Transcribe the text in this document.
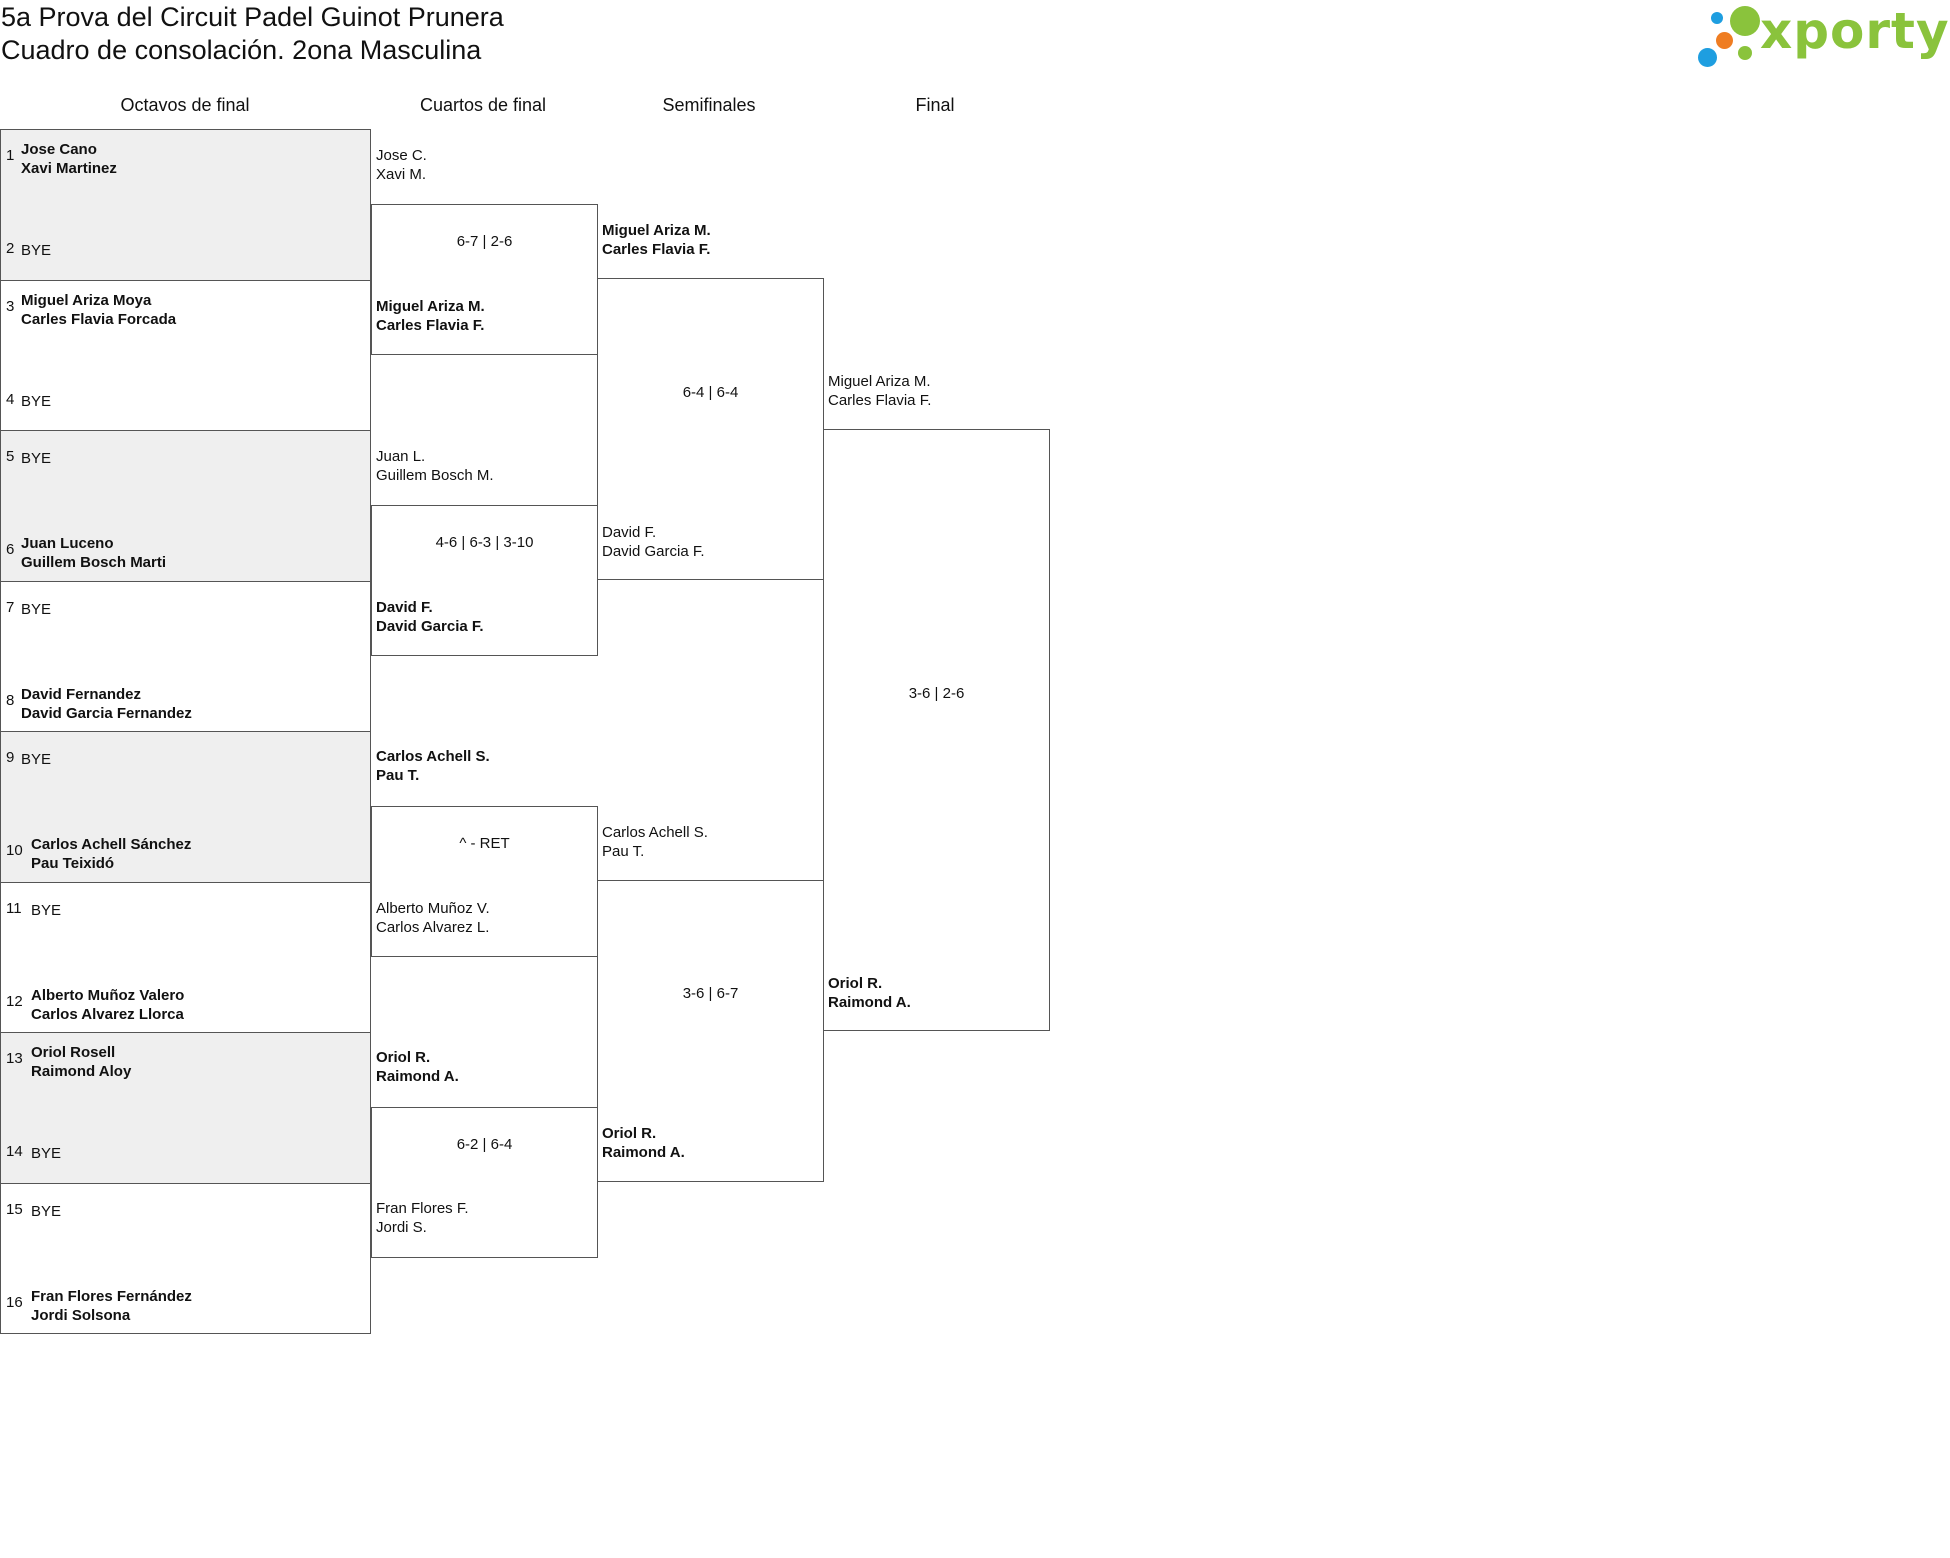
5a Prova del Circuit Padel Guinot Prunera
Cuadro de consolación. 2ona Masculina	xporty
Octavos de final	Cuartos de final	Semifinales	Final
1 Jose Cano
Xavi Martinez
2 BYE
3 Miguel Ariza Moya
Carles Flavia Forcada
4 BYE
5 BYE
6 Juan Luceno
Guillem Bosch Marti
7 BYE
8 David Fernandez
David Garcia Fernandez
9 BYE
10 Carlos Achell Sánchez
Pau Teixidó
11 BYE
12 Alberto Muñoz Valero
Carlos Alvarez Llorca
13 Oriol Rosell
Raimond Aloy
14 BYE
15 BYE
16 Fran Flores Fernández
Jordi Solsona
Jose C.
Xavi M.
6-7 | 2-6
Miguel Ariza M.
Carles Flavia F.
Juan L.
Guillem Bosch M.
4-6 | 6-3 | 3-10
David F.
David Garcia F.
Carlos Achell S.
Pau T.
^ - RET
Alberto Muñoz V.
Carlos Alvarez L.
Oriol R.
Raimond A.
6-2 | 6-4
Fran Flores F.
Jordi S.
Miguel Ariza M.
Carles Flavia F.
6-4 | 6-4
David F.
David Garcia F.
Carlos Achell S.
Pau T.
3-6 | 6-7
Oriol R.
Raimond A.
Miguel Ariza M.
Carles Flavia F.
3-6 | 2-6
Oriol R.
Raimond A.
